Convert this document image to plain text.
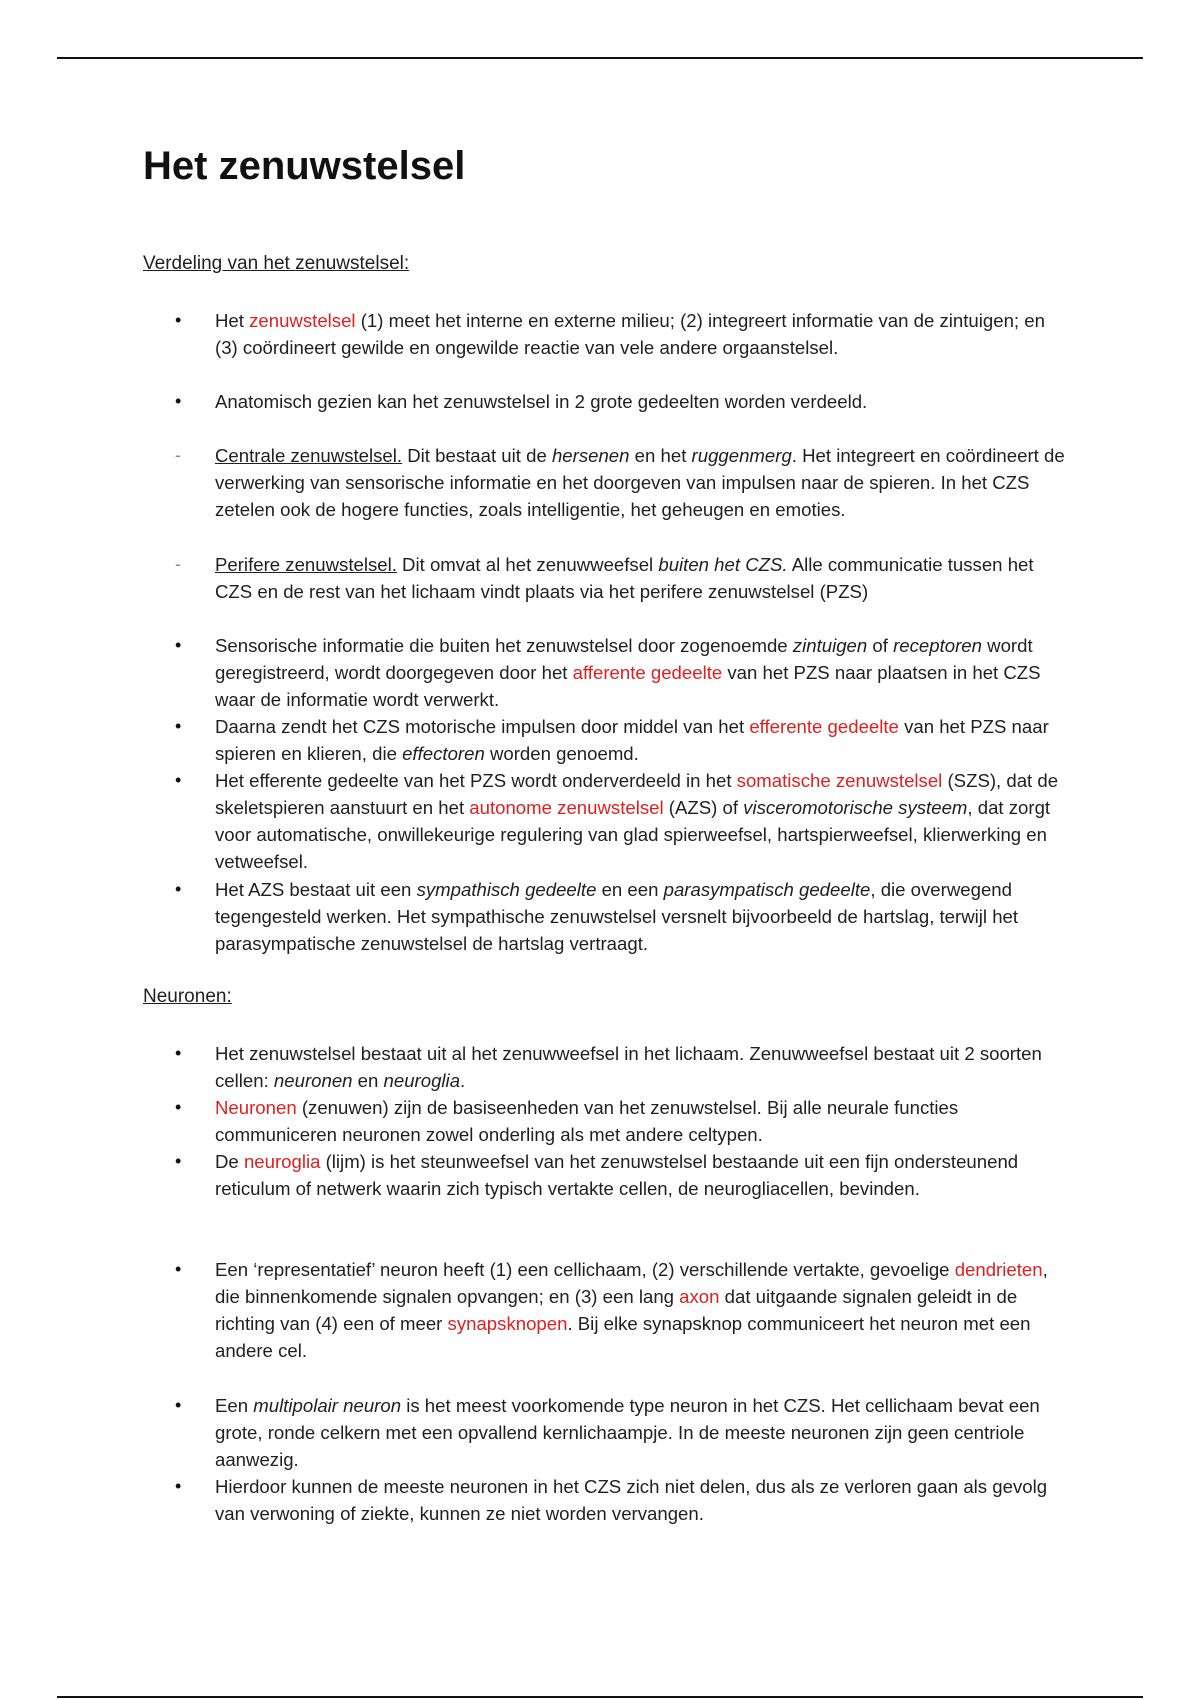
Het zenuwstelsel
Verdeling van het zenuwstelsel:
•	Het zenuwstelsel (1) meet het interne en externe milieu; (2) integreert informatie van de zintuigen; en (3) coördineert gewilde en ongewilde reactie van vele andere orgaanstelsel.
•	Anatomisch gezien kan het zenuwstelsel in 2 grote gedeelten worden verdeeld.
-	Centrale zenuwstelsel. Dit bestaat uit de hersenen en het ruggenmerg. Het integreert en coördineert de verwerking van sensorische informatie en het doorgeven van impulsen naar de spieren. In het CZS zetelen ook de hogere functies, zoals intelligentie, het geheugen en emoties.
-	Perifere zenuwstelsel. Dit omvat al het zenuwweefsel buiten het CZS. Alle communicatie tussen het CZS en de rest van het lichaam vindt plaats via het perifere zenuwstelsel (PZS)
•	Sensorische informatie die buiten het zenuwstelsel door zogenoemde zintuigen of receptoren wordt geregistreerd, wordt doorgegeven door het afferente gedeelte van het PZS naar plaatsen in het CZS waar de informatie wordt verwerkt.
•	Daarna zendt het CZS motorische impulsen door middel van het efferente gedeelte van het PZS naar spieren en klieren, die effectoren worden genoemd.
•	Het efferente gedeelte van het PZS wordt onderverdeeld in het somatische zenuwstelsel (SZS), dat de skeletspieren aanstuurt en het autonome zenuwstelsel (AZS) of visceromotorische systeem, dat zorgt voor automatische, onwillekeurige regulering van glad spierweefsel, hartspierweefsel, klierwerking en vetweefsel.
•	Het AZS bestaat uit een sympathisch gedeelte en een parasympatisch gedeelte, die overwegend tegengesteld werken. Het sympathische zenuwstelsel versnelt bijvoorbeeld de hartslag, terwijl het parasympatische zenuwstelsel de hartslag vertraagt.
Neuronen:
•	Het zenuwstelsel bestaat uit al het zenuwweefsel in het lichaam. Zenuwweefsel bestaat uit 2 soorten cellen: neuronen en neuroglia.
•	Neuronen (zenuwen) zijn de basiseenheden van het zenuwstelsel. Bij alle neurale functies communiceren neuronen zowel onderling als met andere celtypen.
•	De neuroglia (lijm) is het steunweefsel van het zenuwstelsel bestaande uit een fijn ondersteunend reticulum of netwerk waarin zich typisch vertakte cellen, de neurogliacellen, bevinden.
•	Een ‘representatief’ neuron heeft (1) een cellichaam, (2) verschillende vertakte, gevoelige dendrieten, die binnenkomende signalen opvangen; en (3) een lang axon dat uitgaande signalen geleidt in de richting van (4) een of meer synapsknopen. Bij elke synapsknop communiceert het neuron met een andere cel.
•	Een multipolair neuron is het meest voorkomende type neuron in het CZS. Het cellichaam bevat een grote, ronde celkern met een opvallend kernlichaampje. In de meeste neuronen zijn geen centriole aanwezig.
•	Hierdoor kunnen de meeste neuronen in het CZS zich niet delen, dus als ze verloren gaan als gevolg van verwoning of ziekte, kunnen ze niet worden vervangen.
